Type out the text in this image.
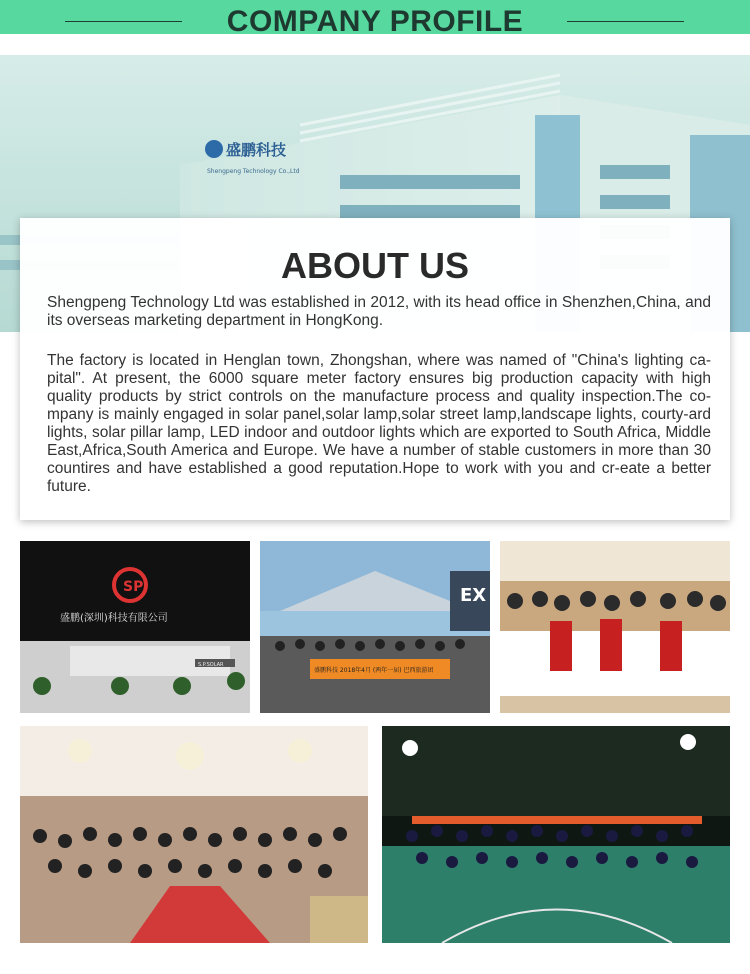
COMPANY PROFILE
盛鹏科技
Shengpeng Technology Co.,Ltd
ABOUT US

Shengpeng Technology Ltd was established in 2012, with its head office in Shenzhen,China, and its overseas marketing department in HongKong.

The factory is located in Henglan town, Zhongshan, where was named of "China's lighting ca-pital". At present, the 6000 square meter factory ensures big production capacity with high quality products by strict controls on the manufacture process and quality inspection.The co-mpany is mainly engaged in solar panel,solar lamp,solar street lamp,landscape lights, courty-ard lights, solar pillar lamp, LED indoor and outdoor lights which are exported to South Africa, Middle East,Africa,South America and Europe. We have a number of stable customers in more than 30 countires and have established a good reputation.Hope to work with you and cr-eate a better future.

S.P.SOLAR
SP
盛鹏(深圳)科技有限公司
EX
盛鹏科技 2018年4月 (两年一届) 巴西旅游团
